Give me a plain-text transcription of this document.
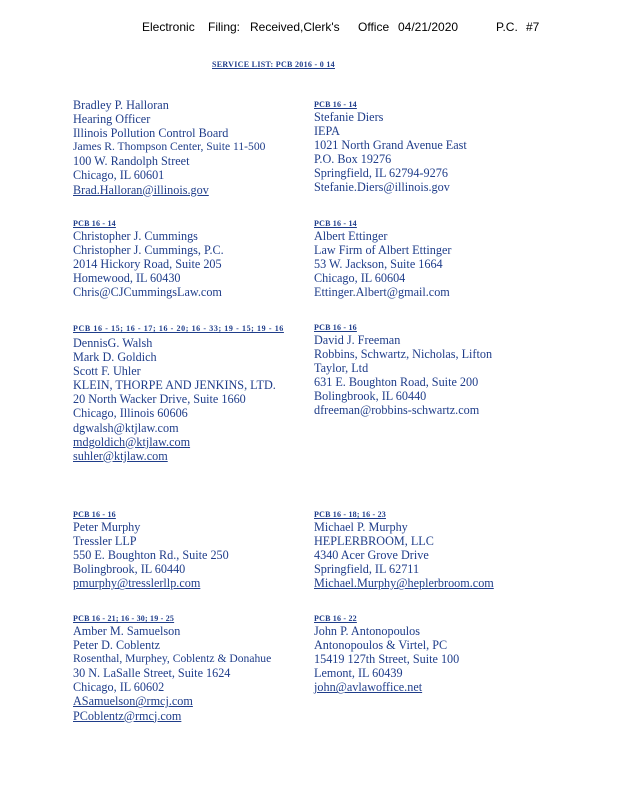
Electronic Filing: Received,Clerk's Office 04/21/2020	P.C. #7
SERVICE LIST: PCB 2016 - 0 14
Bradley P. Halloran
Hearing Officer
Illinois Pollution Control Board
James R. Thompson Center, Suite 11-500
100 W. Randolph Street
Chicago, IL 60601
Brad.Halloran@illinois.gov
PCB 16 - 14
Stefanie Diers
IEPA
1021 North Grand Avenue East
P.O. Box 19276
Springfield, IL 62794-9276
Stefanie.Diers@illinois.gov
PCB 16 - 14
Christopher J. Cummings
Christopher J. Cummings, P.C.
2014 Hickory Road, Suite 205
Homewood, IL 60430
Chris@CJCummingsLaw.com
PCB 16 - 14
Albert Ettinger
Law Firm of Albert Ettinger
53 W. Jackson, Suite 1664
Chicago, IL 60604
Ettinger.Albert@gmail.com
PCB 16 - 15; 16 - 17; 16 - 20; 16 - 33; 19 - 15; 19 - 16
DennisG. Walsh
Mark D. Goldich
Scott F. Uhler
KLEIN, THORPE AND JENKINS, LTD.
20 North Wacker Drive, Suite 1660
Chicago, Illinois 60606
dgwalsh@ktjlaw.com
mdgoldich@ktjlaw.com
suhler@ktjlaw.com
PCB 16 - 16
David J. Freeman
Robbins, Schwartz, Nicholas, Lifton
Taylor, Ltd
631 E. Boughton Road, Suite 200
Bolingbrook, IL 60440
dfreeman@robbins-schwartz.com
PCB 16 - 16
Peter Murphy
Tressler LLP
550 E. Boughton Rd., Suite 250
Bolingbrook, IL 60440
pmurphy@tresslerllp.com
PCB 16 - 18; 16 - 23
Michael P. Murphy
HEPLERBROOM, LLC
4340 Acer Grove Drive
Springfield, IL 62711
Michael.Murphy@heplerbroom.com
PCB 16 - 21; 16 - 30; 19 - 25
Amber M. Samuelson
Peter D. Coblentz
Rosenthal, Murphey, Coblentz & Donahue
30 N. LaSalle Street, Suite 1624
Chicago, IL 60602
ASamuelson@rmcj.com
PCoblentz@rmcj.com
PCB 16 - 22
John P. Antonopoulos
Antonopoulos & Virtel, PC
15419 127th Street, Suite 100
Lemont, IL 60439
john@avlawoffice.net
